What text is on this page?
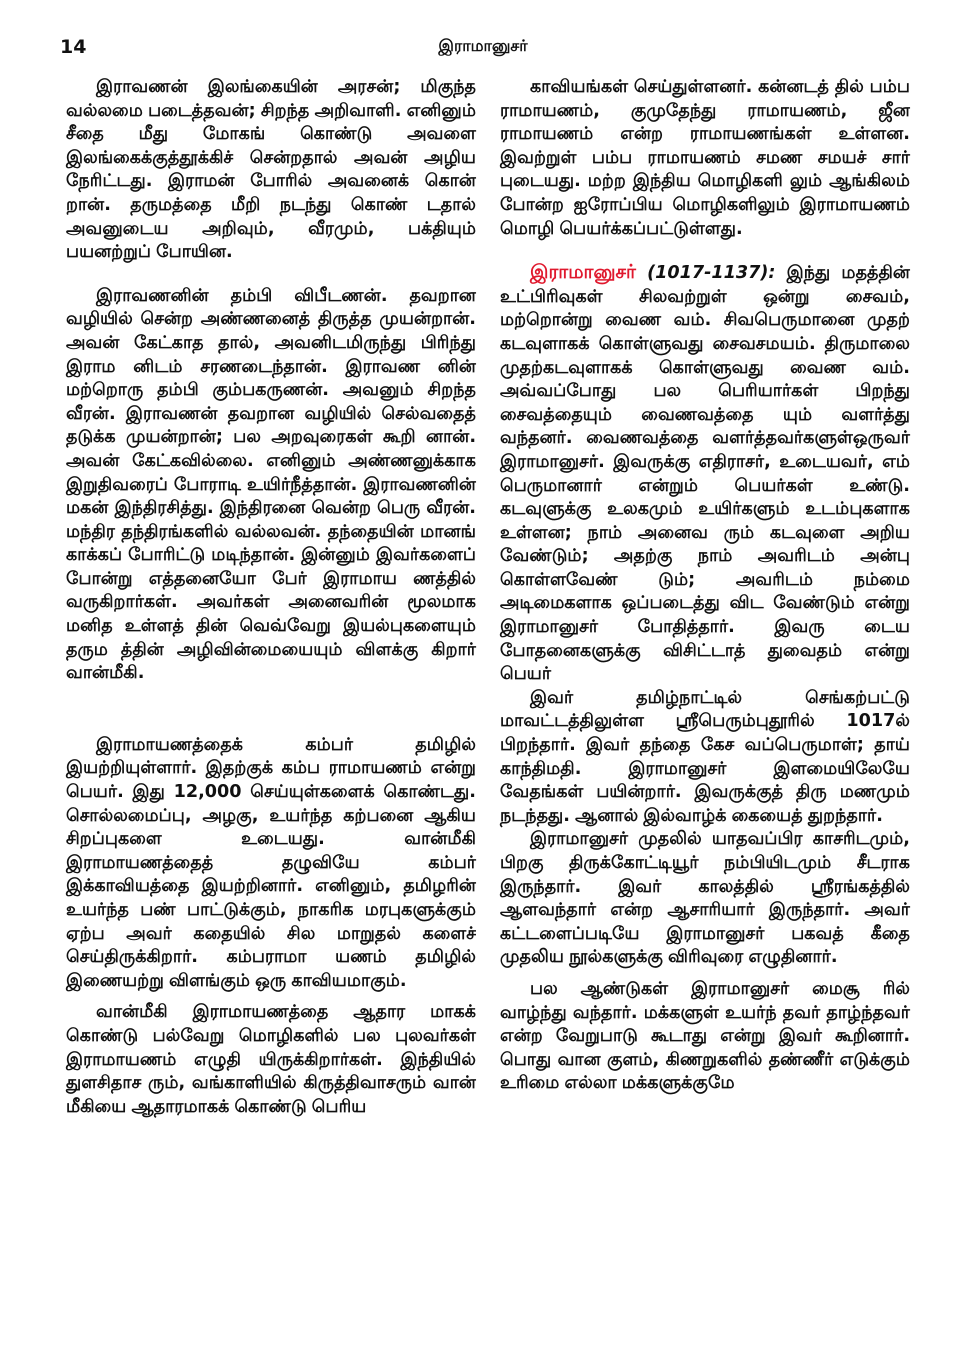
14	இராமானுசர்

இராவணன் இலங்கையின் அரசன்; மிகுந்த வல்லமை படைத்தவன்; சிறந்த அறிவாளி. எனினும் சீதை மீது மோகங் கொண்டு அவளை இலங்கைக்குத்தூக்கிச் சென்றதால் அவன் அழிய நேரிட்டது. இராமன் போரில் அவனைக் கொன் றான். தருமத்தை மீறி நடந்து கொண் டதால் அவனுடைய அறிவும், வீரமும், பக்தியும் பயனற்றுப் போயின.

இராவணனின் தம்பி விபீடணன். தவறான வழியில் சென்ற அண்ணனைத் திருத்த முயன்றான். அவன் கேட்காத தால், அவனிடமிருந்து பிரிந்து இராம னிடம் சரணடைந்தான். இராவண னின் மற்றொரு தம்பி கும்பகருணன். அவனும் சிறந்த வீரன். இராவணன் தவறான வழியில் செல்வதைத் தடுக்க முயன்றான்; பல அறவுரைகள் கூறி னான். அவன் கேட்கவில்லை. எனினும் அண்ணனுக்காக இறுதிவரைப் போராடி உயிர்நீத்தான். இராவணனின் மகன் இந்திரசித்து. இந்திரனை வென்ற பெரு வீரன். மந்திர தந்திரங்களில் வல்லவன். தந்தையின் மானங் காக்கப் போரிட்டு மடிந்தான். இன்னும் இவர்களைப் போன்று எத்தனையோ பேர் இராமாய ணத்தில் வருகிறார்கள். அவர்கள் அனைவரின் மூலமாக மனித உள்ளத் தின் வெவ்வேறு இயல்புகளையும் தரும த்தின் அழிவின்மையையும் விளக்கு கிறார் வான்மீகி.

இராமாயணத்தைக் கம்பர் தமிழில் இயற்றியுள்ளார். இதற்குக் கம்ப ராமாயணம் என்று பெயர். இது 12,000 செய்யுள்களைக் கொண்டது. சொல்லமைப்பு, அழகு, உயர்ந்த கற்பனை ஆகிய சிறப்புகளை உடையது. வான்மீகி இராமாயணத்தைத் தழுவியே கம்பர் இக்காவியத்தை இயற்றினார். எனினும், தமிழரின் உயர்ந்த பண் பாட்டுக்கும், நாகரிக மரபுகளுக்கும் ஏற்ப அவர் கதையில் சில மாறுதல் களைச் செய்திருக்கிறார். கம்பராமா யணம் தமிழில் இணையற்று விளங்கும் ஒரு காவியமாகும்.

வான்மீகி இராமாயணத்தை ஆதார மாகக் கொண்டு பல்வேறு மொழிகளில் பல புலவர்கள் இராமாயணம் எழுதி யிருக்கிறார்கள். இந்தியில் துளசிதாச ரும், வங்காளியில் கிருத்திவாசரும் வான் மீகியை ஆதாரமாகக் கொண்டு பெரிய

காவியங்கள் செய்துள்ளனர். கன்னடத் தில் பம்ப ராமாயணம், குமுதேந்து ராமாயணம், ஜீன ராமாயணம் என்ற ராமாயணங்கள் உள்ளன. இவற்றுள் பம்ப ராமாயணம் சமண சமயச் சார் புடையது. மற்ற இந்திய மொழிகளி லும் ஆங்கிலம் போன்ற ஐரோப்பிய மொழிகளிலும் இராமாயணம் மொழி பெயர்க்கப்பட்டுள்ளது.

இராமானுசர் (1017-1137): இந்து மதத்தின் உட்பிரிவுகள் சிலவற்றுள் ஒன்று சைவம், மற்றொன்று வைண வம். சிவபெருமானை முதற் கடவுளாகக் கொள்ளுவது சைவசமயம். திருமாலை முதற்கடவுளாகக் கொள்ளுவது வைண வம். அவ்வப்போது பல பெரியார்கள் பிறந்து சைவத்தையும் வைணவத்தை யும் வளர்த்து வந்தனர். வைணவத்தை வளர்த்தவர்களுள்ஒருவர் இராமானுசர். இவருக்கு எதிராசர், உடையவர், எம் பெருமானார் என்றும் பெயர்கள் உண்டு. கடவுளுக்கு உலகமும் உயிர்களும் உடம்புகளாக உள்ளன; நாம் அனைவ ரும் கடவுளை அறிய வேண்டும்; அதற்கு நாம் அவரிடம் அன்பு கொள்ளவேண் டும்; அவரிடம் நம்மை அடிமைகளாக ஒப்படைத்து விட வேண்டும் என்று இராமானுசர் போதித்தார். இவரு டைய போதனைகளுக்கு விசிட்டாத் துவைதம் என்று பெயர்

இவர் தமிழ்நாட்டில் செங்கற்பட்டு மாவட்டத்திலுள்ள ஸ்ரீபெரும்புதூரில் 1017ல் பிறந்தார். இவர் தந்தை கேச வப்பெருமாள்; தாய் காந்திமதி. இராமானுசர் இளமையிலேயே வேதங்கள் பயின்றார். இவருக்குத் திரு மணமும் நடந்தது. ஆனால் இல்வாழ்க் கையைத் துறந்தார்.

இராமானுசர் முதலில் யாதவப்பிர காசரிடமும், பிறகு திருக்கோட்டியூர் நம்பியிடமும் சீடராக இருந்தார். இவர் காலத்தில் ஸ்ரீரங்கத்தில் ஆளவந்தார் என்ற ஆசாரியார் இருந்தார். அவர் கட்டளைப்படியே இராமானுசர் பகவத் கீதை முதலிய நூல்களுக்கு விரிவுரை எழுதினார்.

பல ஆண்டுகள் இராமானுசர் மைசூ ரில் வாழ்ந்து வந்தார். மக்களுள் உயர்ந் தவர் தாழ்ந்தவர் என்ற வேறுபாடு கூடாது என்று இவர் கூறினார். பொது வான குளம், கிணறுகளில் தண்ணீர் எடுக்கும் உரிமை எல்லா மக்களுக்குமே
